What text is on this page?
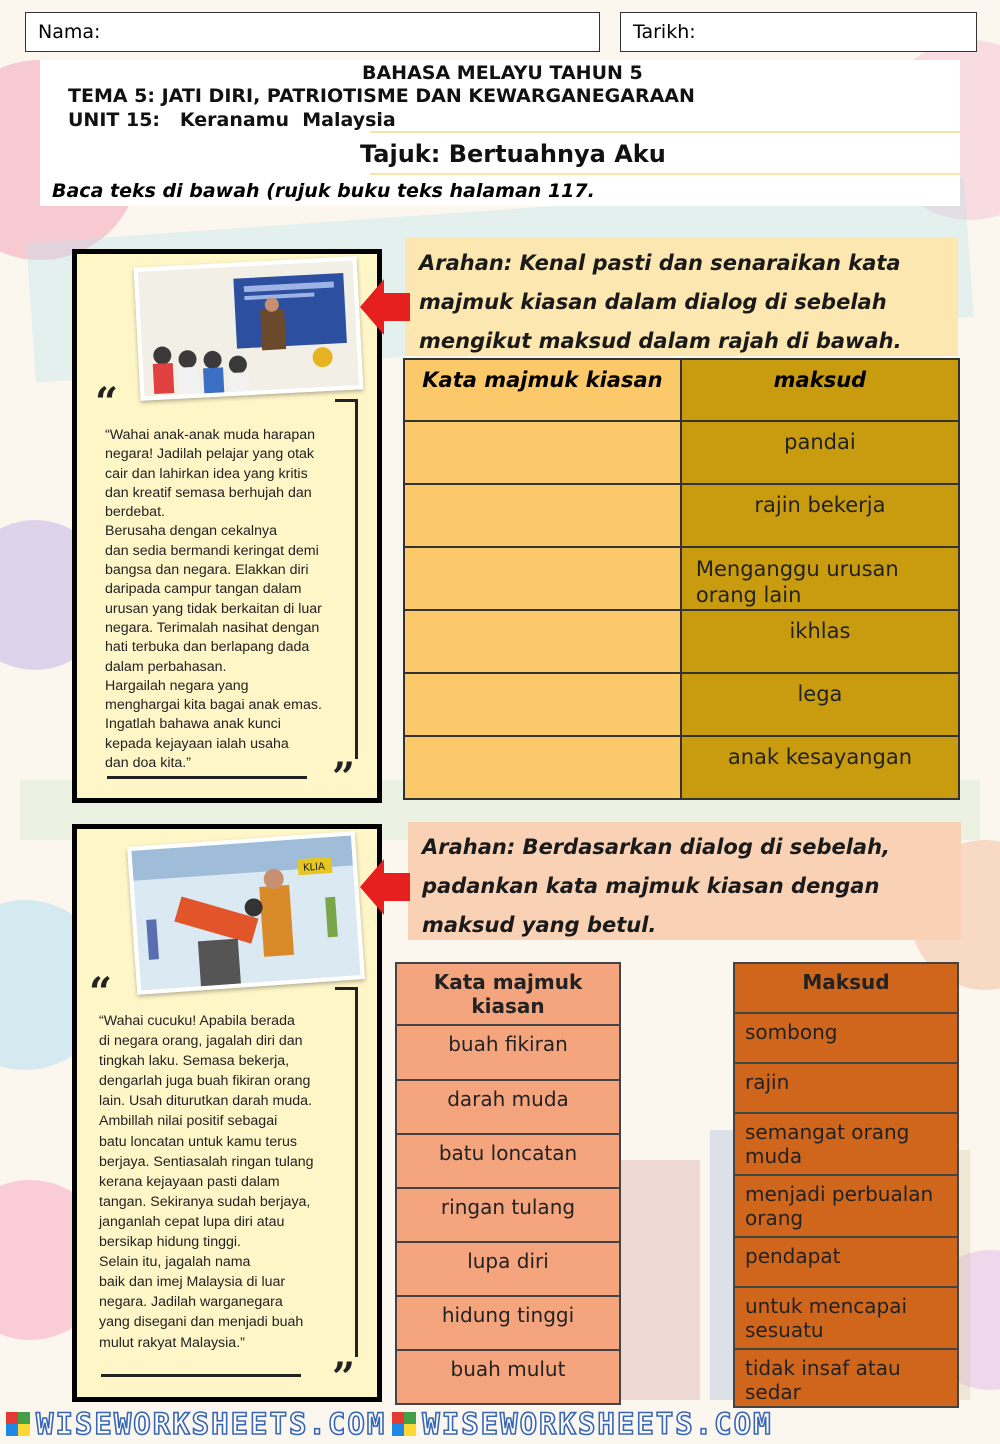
Nama:	Tarikh:
BAHASA MELAYU TAHUN 5
TEMA 5: JATI DIRI, PATRIOTISME DAN KEWARGANEGARAAN
UNIT 15:   Keranamu  Malaysia
Tajuk: Bertuahnya Aku
Baca teks di bawah (rujuk buku teks halaman 117.
“
“Wahai anak-anak muda harapan
negara! Jadilah pelajar yang otak
cair dan lahirkan idea yang kritis
dan kreatif semasa berhujah dan
berdebat.
Berusaha dengan cekalnya
dan sedia bermandi keringat demi
bangsa dan negara. Elakkan diri
daripada campur tangan dalam
urusan yang tidak berkaitan di luar
negara. Terimalah nasihat dengan
hati terbuka dan berlapang dada
dalam perbahasan.
Hargailah negara yang
menghargai kita bagai anak emas.
Ingatlah bahawa anak kunci
kepada kejayaan ialah usaha
dan doa kita.”	”
Arahan: Kenal pasti dan senaraikan kata majmuk kiasan dalam dialog di sebelah mengikut maksud dalam rajah di bawah.
Kata majmuk kiasan	maksud
	pandai
	rajin bekerja
	Menganggu urusan orang lain
	ikhlas
	lega
	anak kesayangan
KLIA
“
“Wahai cucuku! Apabila berada
di negara orang, jagalah diri dan
tingkah laku. Semasa bekerja,
dengarlah juga buah fikiran orang
lain. Usah diturutkan darah muda.
Ambillah nilai positif sebagai
batu loncatan untuk kamu terus
berjaya. Sentiasalah ringan tulang
kerana kejayaan pasti dalam
tangan. Sekiranya sudah berjaya,
janganlah cepat lupa diri atau
bersikap hidung tinggi.
Selain itu, jagalah nama
baik dan imej Malaysia di luar
negara. Jadilah warganegara
yang disegani dan menjadi buah
mulut rakyat Malaysia.”
”
Arahan: Berdasarkan dialog di sebelah, padankan kata majmuk kiasan dengan maksud yang betul.
Kata majmuk kiasan
buah fikiran
darah muda
batu loncatan
ringan tulang
lupa diri
hidung tinggi
buah mulut
Maksud
sombong
rajin
semangat orang muda
menjadi perbualan orang
pendapat
untuk mencapai sesuatu
tidak insaf atau sedar
WISEWORKSHEETS.COM WISEWORKSHEETS.COM
